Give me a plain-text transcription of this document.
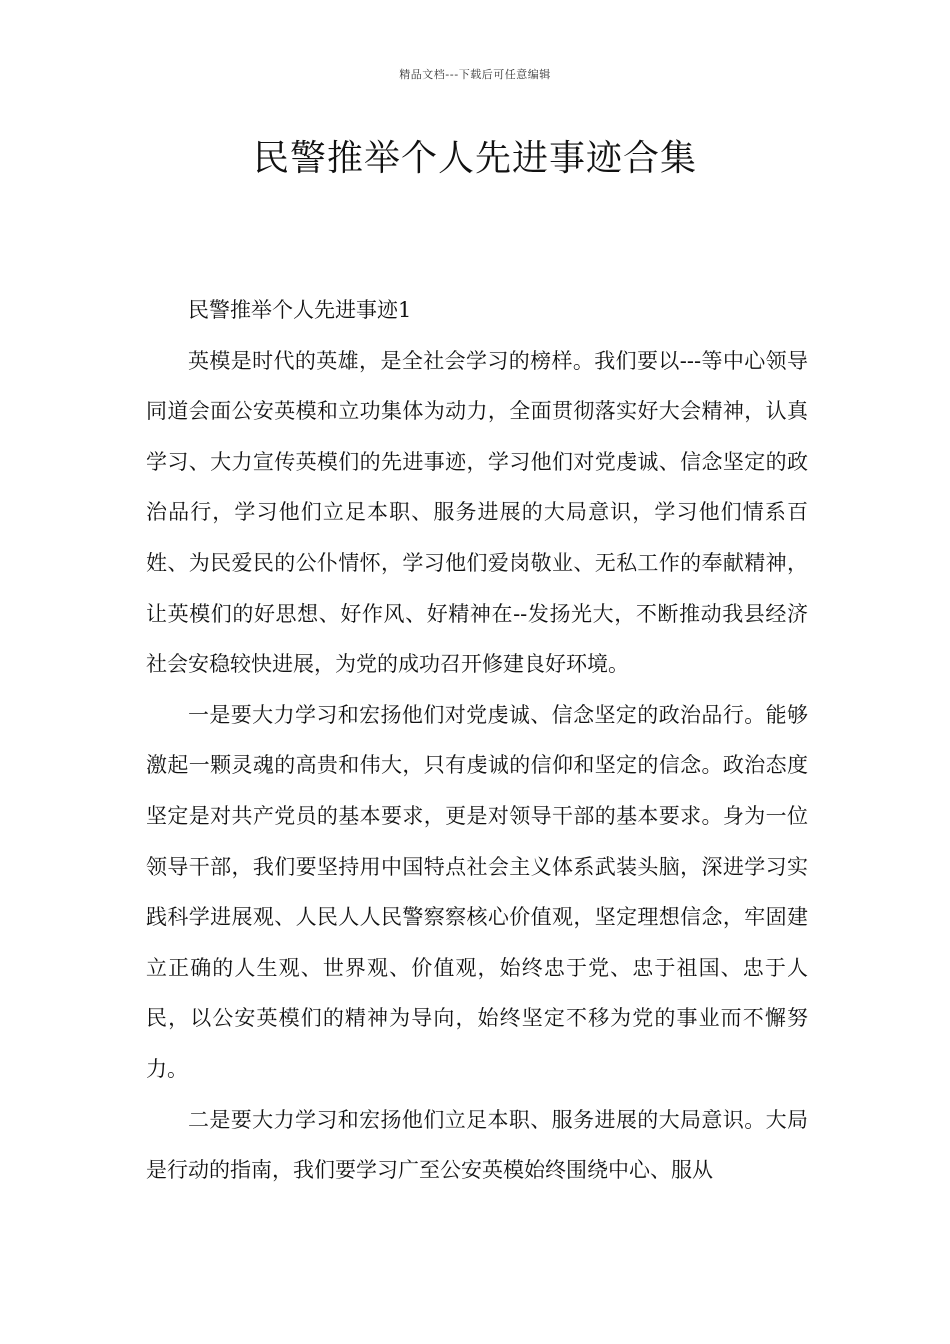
精品文档---下载后可任意编辑
民警推举个人先进事迹合集

民警推举个人先进事迹1

英模是时代的英雄，是全社会学习的榜样。我们要以---等中心领导同道会面公安英模和立功集体为动力，全面贯彻落实好大会精神，认真学习、大力宣传英模们的先进事迹，学习他们对党虔诚、信念坚定的政治品行，学习他们立足本职、服务进展的大局意识，学习他们情系百姓、为民爱民的公仆情怀，学习他们爱岗敬业、无私工作的奉献精神，让英模们的好思想、好作风、好精神在--发扬光大，不断推动我县经济社会安稳较快进展，为党的成功召开修建良好环境。

一是要大力学习和宏扬他们对党虔诚、信念坚定的政治品行。能够激起一颗灵魂的高贵和伟大，只有虔诚的信仰和坚定的信念。政治态度坚定是对共产党员的基本要求，更是对领导干部的基本要求。身为一位领导干部，我们要坚持用中国特点社会主义体系武装头脑，深进学习实践科学进展观、人民人人民警察察核心价值观，坚定理想信念，牢固建立正确的人生观、世界观、价值观，始终忠于党、忠于祖国、忠于人民，以公安英模们的精神为导向，始终坚定不移为党的事业而不懈努力。

二是要大力学习和宏扬他们立足本职、服务进展的大局意识。大局是行动的指南，我们要学习广至公安英模始终围绕中心、服从
